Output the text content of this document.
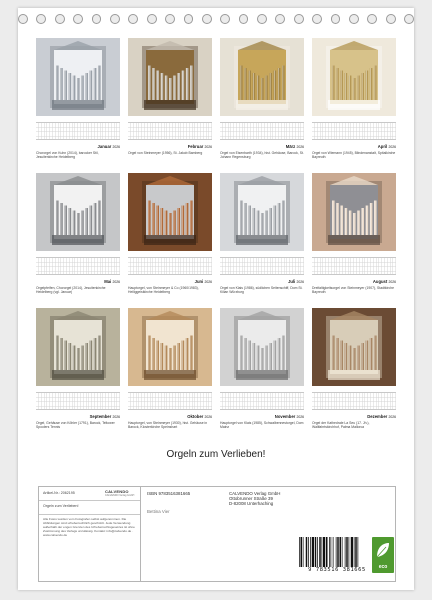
Januar 2026
Chororgel von Kuhn (2014), barocker Stil, Jesuitenkirche Heidelberg
Februar 2026
Orgel von Steinmeyer (1956), St. Jakob Bamberg
März 2026
Orgel von Eisenbarth (1934), hist. Gehäuse, Barock, St. Johann Regensburg
April 2026
Orgel von Wiemann (1945), Blindenanstalt, Spitalkirche Bayreuth
Mai 2026
Orgelpfeifen, Chororgel (2014), Jesuitenkirche Heidelberg (vgl. Januar)
Juni 2026
Hauptorgel, von Steinmeyer & Co (1960/1983), Heiliggeistkirche Heidelberg
Juli 2026
Orgel von Klais (1986), südlichen Seitenschiff, Dom St. Kilian Würzburg
August 2026
Dreifaltigkeitsorgel von Steinmeyer (1907), Stadtkirche Bayreuth
September 2026
Orgel, Gehäuse von Köhler (1791), Barock, Teltower Spoolers Tennis
Oktober 2026
Hauptorgel, von Steinmeyer (1930), hist. Gehäuse in Barock, Klosterkirche Speinshart
November 2026
Hauptorgel von Klais (1985), Schwalbennestorgel, Dom Mainz
Dezember 2026
Orgel der Kathedrale La Seu (17. Jh.), Wallfahrtskirchhof, Palma Mallorca
Orgeln zum Verlieben!
Artikel-Nr.: 2062195	CALVENDO
CALVENDO Verlag GmbH
Orgeln zum Verlieben!
Alle Fotos wurden vom Fotografen selbst aufgenommen. Die Abbildungen sind urheberrechtlich geschützt. Jede Verwendung außerhalb der engen Grenzen des Urheberrechtsgesetzes ist ohne Zustimmung des Verlags unzulässig. Kontakt: info@calvendo.de · www.calvendo.de
ISBN 9783516381665	CALVENDO Verlag GmbH
Ottobrunner Straße 39
D-82008 Unterhaching
Bettina Vier
9 783516 381665	eco
